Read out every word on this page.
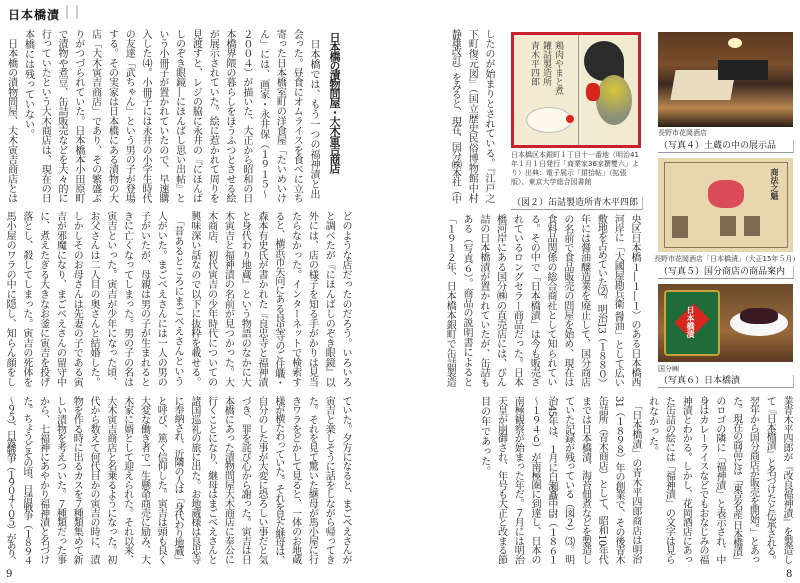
日本橋漬
日本橋の漬物問屋・大木寅吉商店
　日本橋では、もう一つの福神漬と出
会った。昼食にオムライスを食べに立ち
寄った日本橋室町の洋食屋「たいめいけ
ん」には、画家・永井保（１９１５〜
２００４）が描いた、大正から昭和の日
本橋界隈の暮らしをほうふつとさせる絵
が展示されていた。絵に惹かれて周りを
見渡すと、レジの脇に永井の『にほんば
しのぞき眼鏡―にほんばし思い出帖』と
いう小冊子が置かれていたので、早速購
入した⑷。小冊子には永井の小学生時代
の友達「武ちゃん」という男の子が登場
する。その実家は日本橋にある漬物の大
店「大木寅吉商店」であり、その繁盛ぶ
りがつづられていた。日本橋本小田原町
で漬物や煮豆、缶詰販売などを大々的に
行っていたという大木商店は、現在の日
本橋には残っていない。
　日本橋の漬物問屋、大木寅吉商店とは
どのような店だったのだろう。いろいろ
と調べたが『にほんばしのぞき眼鏡』以
外には、店の様子を知る手がかりは見当
たらなかった。インターネットで検索す
ると、横浜市矢向にある良忠寺のご住職・
森本有史氏が書かれた『良忠寺と福神漬
と身代わり地蔵』という物語のなかに大
木寅吉と福神漬の名前が見つかった。大
木商店、初代寅吉の少年時代についての
興味深い話なので以下に抜粋を載せる。
　「昔あるところにまごべえさんという
人がいた。まごべえさんには一人の男の
子がいたが、母親は男の子が生まれると
きに亡くなってしまった。男の子の名は
寅吉といった。寅吉が少年になった頃、
お父さんは二人目の奥さんと結婚した。
しかしそのお母さんは先妻の子である寅
吉が邪魔になり、まごべえさんの留守中
に、煮えたぎる大きなお釜に寅吉を投げ
落とし、殺してしまった。寅吉の死体を
馬小屋のワラの中に隠し、知らん顔をし
ていた。夕方になると、まごべえさんが
寅吉と楽しそうに話をしながら帰ってき
た。それを見て驚いた継母が馬小屋に行
きワラをどかして見ると、一体のお地蔵
様が横たわっていた。それを見た継母は、
自分のした事が大変に恐ろしい事だと気
づき、罪を詫び心から謝った。寅吉は日
本橋にあった漬物問屋大木商店に奉公に
行くことになり、継母はまごべえさんと
諸国巡礼の旅に出た。お地蔵様は良忠寺
に奉納され、近隣の人は「身代わり地蔵」
と呼び、篤く信仰した。寅吉は頭も良く
大変な働き者で一生懸命商売に励み、大
木家に婿として迎えられた。それ以来、
大木寅吉商店と名乗るようになった。初
代から数えて何代目かの寅吉の時に、漬
物を作る時に出るカスを７種類集めて新
しい漬物を考えついた。７種類だった事
から、七福神にあやかり福神漬と名づけ
た。ちょうどその頃、日清戦争（１８９４
〜９５）、日露戦争（１９０４〜０５）があり、
9
したのが始まりとされている。『江戸之
下町復元図』（国立歴史民俗博物館中村
静雄改訂）をみると、現在、国分㈱本社（中	鶏肉やまと煮
鑵詰製造所
青木平四郎
日本橋区本銀町１丁目十一番地（明治41年１月１日発行「商業家36家撰雙六」より）出典：電子展示「捃拾帖」（拡張版）、東京大学総合図書館
（図２）缶詰製造所青木平四郎
長野市花岡酒店
（写真４）土蔵の中の展示品
商法之魁
長野市花岡酒店「日本橋漬」（大正15年５月）
（写真５）国分商店の商品案内
日本橋漬
国分㈱
（写真６）日本橋漬
央区日本橋１―１―１）のある日本橋西
河岸に「大國屋勘兵衛 醤油」として広い
敷地を占めていた⑵。明治13（１８８０）
年には醤油醸造業を廃止して、国分商店
の名前で食品販売の問屋を始め、現在は
食料品関係の総合商社として知られてい
る。その中で「日本橋漬」は今も販売さ
れているロングセラー商品だった。日本
橋河岸にある国分㈱の直売店には、びん
詰の日本橋漬が置かれていたが、缶詰も
ある（写真６）。商品の説明書によると
「１９１２年、日本橋本銀町で缶詰製造
業青木平四郎が『改良福神漬』を製造し
て『日本橋漬』と名づけたと伝承される。
翌年から国分商店が販売を開始。」とあっ
た。現在の商品には「東京名産 日本橋漬」
のロゴの隣に「福神漬」と表示され、中
身はカレーライスなどでもおなじみの福
神漬とわかる。しかし、花岡酒店にあっ
た缶詰の絵には「福神漬」の文字は見ら
れなかった。
　「日本橋漬」の青木平四郎商店は明治
31（１８９８）年の創業で、その後青木
缶詰所（青木商店）として、昭和10年代
までは日本橋漬、海苔佃煮などを製造し
ていた記録が残っている（図２）⑶。明
治45年は、１月に白瀬矗中尉（１８６１
〜１９４６）が南極圏に到達し、日本の
南極観察が始まった年だ。７月には明治
天皇が崩御され、年号も大正と改まる節
目の年であった。
8
